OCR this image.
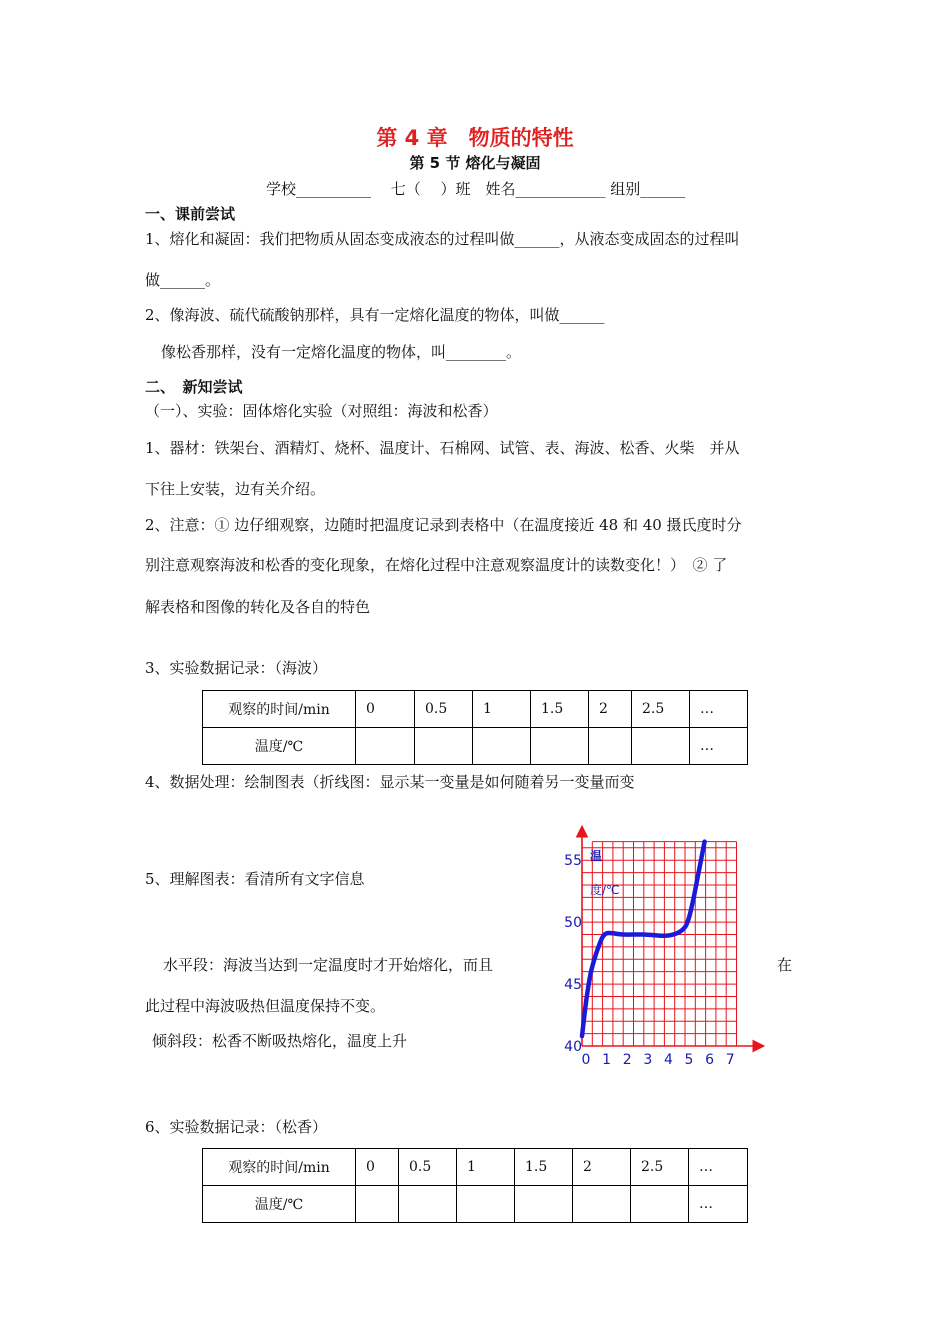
第 4 章　物质的特性
第 5 节 熔化与凝固
学校__________　 七（　 ）班　姓名____________ 组别______
一、课前尝试
1、熔化和凝固：我们把物质从固态变成液态的过程叫做______，从液态变成固态的过程叫
做______。
2、像海波、硫代硫酸钠那样，具有一定熔化温度的物体，叫做______
像松香那样，没有一定熔化温度的物体，叫________。
二、　新知尝试
（一）、实验：固体熔化实验（对照组：海波和松香）
1、器材：铁架台、酒精灯、烧杯、温度计、石棉网、试管、表、海波、松香、火柴　并从
下往上安装，边有关介绍。
2、注意：① 边仔细观察，边随时把温度记录到表格中（在温度接近 48 和 40 摄氏度时分
别注意观察海波和松香的变化现象，在熔化过程中注意观察温度计的读数变化！）　② 了
解表格和图像的转化及各自的特色
3、实验数据记录：（海波）
观察的时间/min	0	0.5	1	1.5	2	2.5	…
温度/℃							…
4、数据处理：绘制图表（折线图：显示某一变量是如何随着另一变量而变
5、理解图表：看清所有文字信息
水平段：海波当达到一定温度时才开始熔化，而且	在
此过程中海波吸热但温度保持不变。
倾斜段：松香不断吸热熔化，温度上升
0 1 2 3 4 5 6 7
40
45
50
55 温
度/℃
6、实验数据记录：（松香）
观察的时间/min	0	0.5	1	1.5	2	2.5	…
温度/℃							…
